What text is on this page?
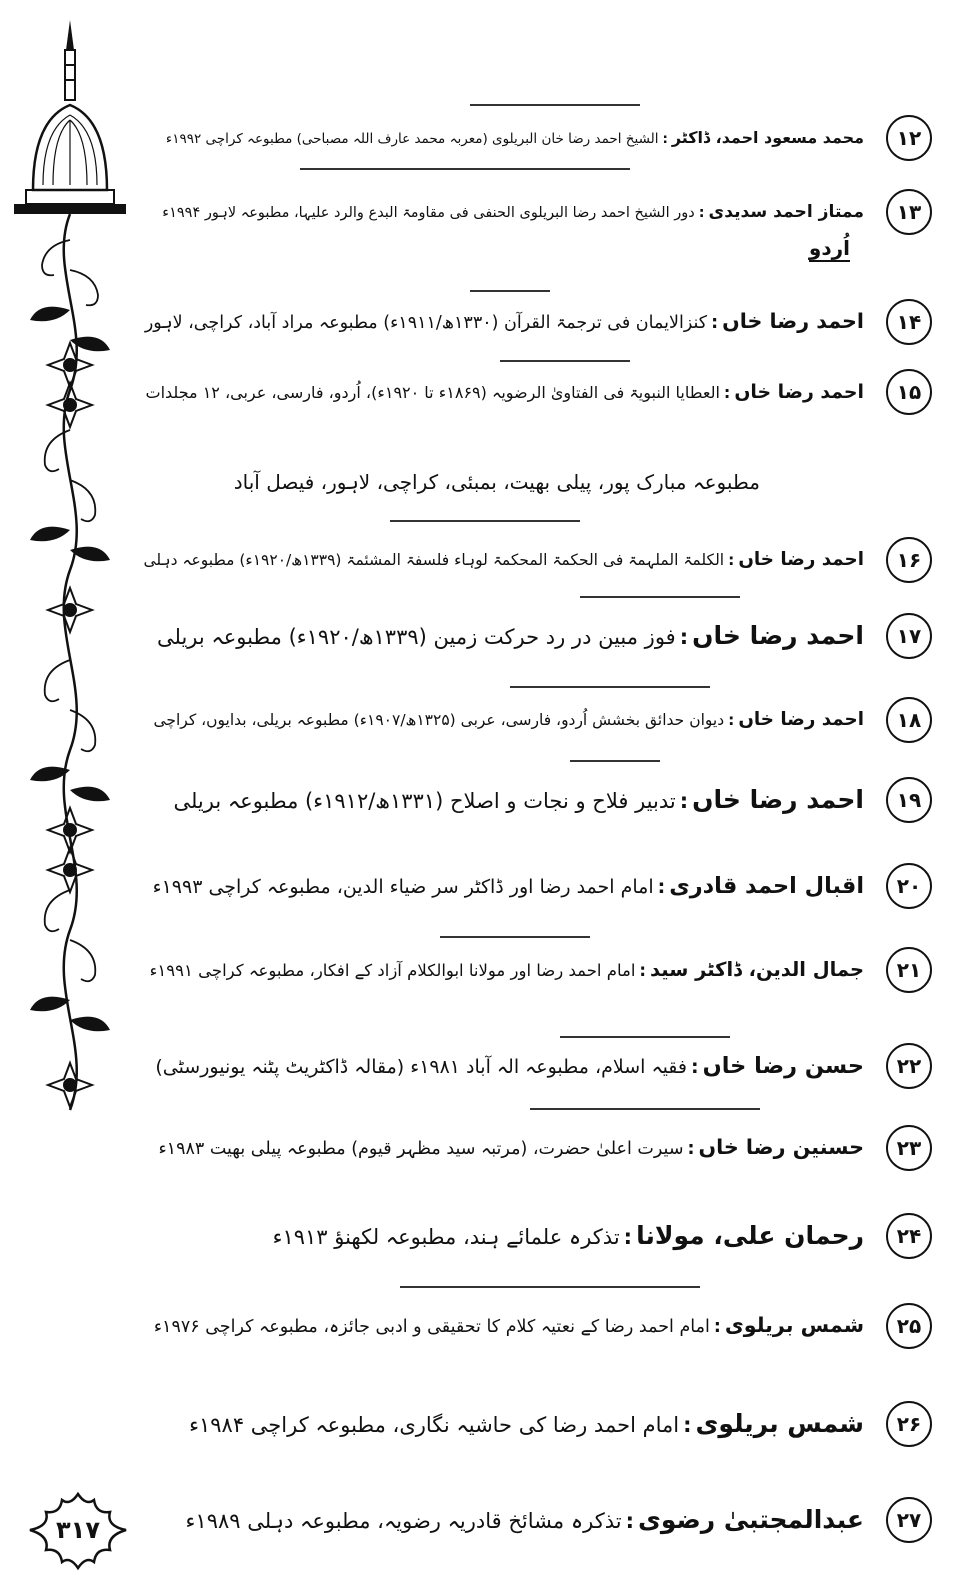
۳۱۷
محمد مسعود احمد، ڈاکٹر:الشیخ احمد رضا خان البریلوی (معربہ محمد عارف اللہ مصباحی) مطبوعہ کراچی ۱۹۹۲ء	۱۲
ممتاز احمد سدیدی:دور الشیخ احمد رضا البریلوی الحنفی فی مقاومۃ البدع والرد علیہا، مطبوعہ لاہور ۱۹۹۴ء	۱۳
اُردو
احمد رضا خاں:کنزالایمان فی ترجمۃ القرآن (۱۳۳۰ھ/۱۹۱۱ء) مطبوعہ مراد آباد، کراچی، لاہور	۱۴
احمد رضا خاں:العطایا النبویۃ فی الفتاویٰ الرضویہ (۱۸۶۹ء تا ۱۹۲۰ء)، اُردو، فارسی، عربی، ۱۲ مجلدات	۱۵
مطبوعہ مبارک پور، پیلی بھیت، بمبئی، کراچی، لاہور، فیصل آباد
احمد رضا خاں:الکلمۃ الملہمۃ فی الحکمۃ المحکمۃ لوہاء فلسفۃ المشئمۃ (۱۳۳۹ھ/۱۹۲۰ء) مطبوعہ دہلی	۱۶
احمد رضا خاں:فوز مبین در رد حرکت زمین (۱۳۳۹ھ/۱۹۲۰ء) مطبوعہ بریلی	۱۷
احمد رضا خاں:دیوان حدائق بخشش اُردو، فارسی، عربی (۱۳۲۵ھ/۱۹۰۷ء) مطبوعہ بریلی، بدایوں، کراچی	۱۸
احمد رضا خاں:تدبیر فلاح و نجات و اصلاح (۱۳۳۱ھ/۱۹۱۲ء) مطبوعہ بریلی	۱۹
اقبال احمد قادری:امام احمد رضا اور ڈاکٹر سر ضیاء الدین، مطبوعہ کراچی ۱۹۹۳ء	۲۰
جمال الدین، ڈاکٹر سید:امام احمد رضا اور مولانا ابوالکلام آزاد کے افکار، مطبوعہ کراچی ۱۹۹۱ء	۲۱
حسن رضا خاں:فقیہ اسلام، مطبوعہ الہ آباد ۱۹۸۱ء (مقالہ ڈاکٹریٹ پٹنہ یونیورسٹی)	۲۲
حسنین رضا خاں:سیرت اعلیٰ حضرت، (مرتبہ سید مظہر قیوم) مطبوعہ پیلی بھیت ۱۹۸۳ء	۲۳
رحمان علی، مولانا:تذکرہ علمائے ہند، مطبوعہ لکھنؤ ۱۹۱۳ء	۲۴
شمس بریلوی:امام احمد رضا کے نعتیہ کلام کا تحقیقی و ادبی جائزہ، مطبوعہ کراچی ۱۹۷۶ء	۲۵
شمس بریلوی:امام احمد رضا کی حاشیہ نگاری، مطبوعہ کراچی ۱۹۸۴ء	۲۶
عبدالمجتبیٰ رضوی:تذکرہ مشائخ قادریہ رضویہ، مطبوعہ دہلی ۱۹۸۹ء	۲۷
